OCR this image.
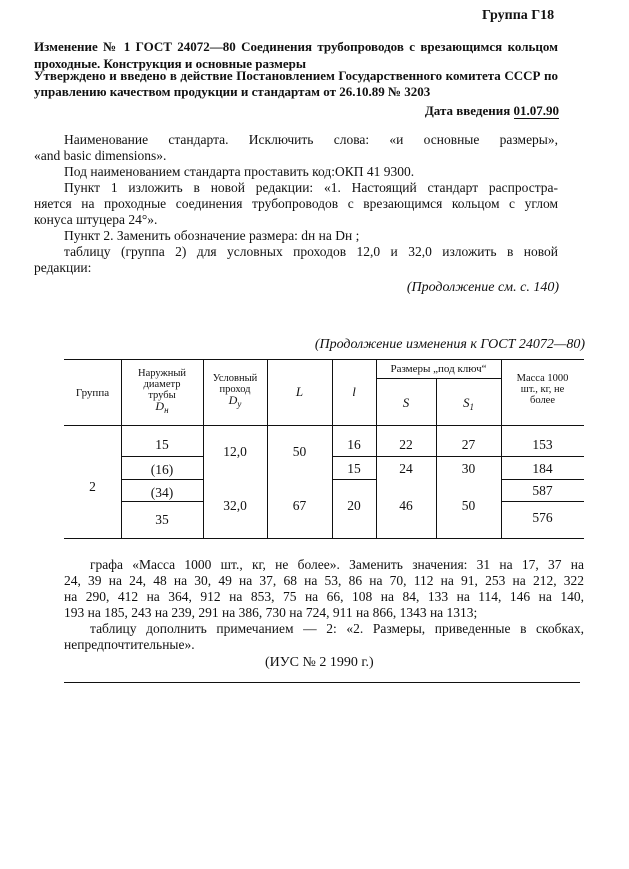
Группа Г18
Изменение № 1 ГОСТ 24072—80 Соединения трубопроводов с врезающимся кольцом проходные. Конструкция и основные размеры
Утверждено и введено в действие Постановлением Государственного комитета СССР по управлению качеством продукции и стандартам от 26.10.89 № 3203
Дата введения 01.07.90
Наименование стандарта. Исключить слова: «и основные размеры»,
«and basic dimensions».
Под наименованием стандарта проставить код:ОКП 41 9300.
Пункт 1 изложить в новой редакции: «1. Настоящий стандарт распростра-
няется на проходные соединения трубопроводов с врезающимся кольцом с углом
конуса штуцера 24°».
Пункт 2. Заменить обозначение размера: dн на Dн ;
таблицу (группа 2) для условных проходов 12,0 и 32,0 изложить в новой
редакции:
(Продолжение см. с. 140)
(Продолжение изменения к ГОСТ 24072—80)
Группа
Наружный
диаметр
трубы
$D_н$
Условный
проход
$D_у$
L	l
Размеры „под ключ“
S	$S_1$
Масса 1000
шт., кг, не
более
2
15
(16)
(34)
35
12,0
32,0
50
67
16
15
20
22
24
46
27
30
50
153
184
587
576
графа «Масса 1000 шт., кг, не более». Заменить значения: 31 на 17, 37 на
24, 39 на 24, 48 на 30, 49 на 37, 68 на 53, 86 на 70, 112 на 91, 253 на 212, 322
на 290, 412 на 364, 912 на 853, 75 на 66, 108 на 84, 133 на 114, 146 на 140,
193 на 185, 243 на 239, 291 на 386, 730 на 724, 911 на 866, 1343 на 1313;
таблицу дополнить примечанием — 2: «2. Размеры, приведенные в скобках,
непредпочтительные».
(ИУС № 2 1990 г.)
